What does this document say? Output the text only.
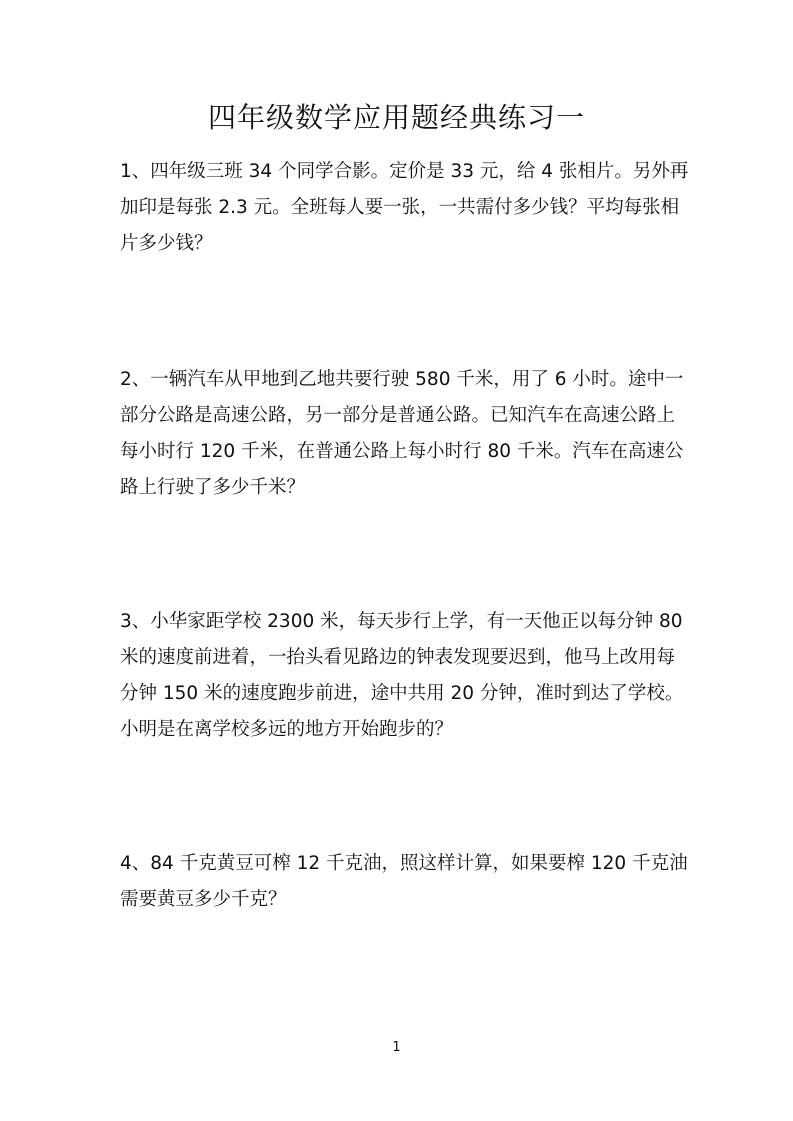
四年级数学应用题经典练习一
1、四年级三班 34 个同学合影。定价是 33 元，给 4 张相片。另外再
加印是每张 2.3 元。全班每人要一张，一共需付多少钱？平均每张相
片多少钱？
2、一辆汽车从甲地到乙地共要行驶 580 千米，用了 6 小时。途中一
部分公路是高速公路，另一部分是普通公路。已知汽车在高速公路上
每小时行 120 千米，在普通公路上每小时行 80 千米。汽车在高速公
路上行驶了多少千米？
3、小华家距学校 2300 米，每天步行上学，有一天他正以每分钟 80
米的速度前进着，一抬头看见路边的钟表发现要迟到，他马上改用每
分钟 150 米的速度跑步前进，途中共用 20 分钟，准时到达了学校。
小明是在离学校多远的地方开始跑步的？
4、84 千克黄豆可榨 12 千克油，照这样计算，如果要榨 120 千克油
需要黄豆多少千克？
1
